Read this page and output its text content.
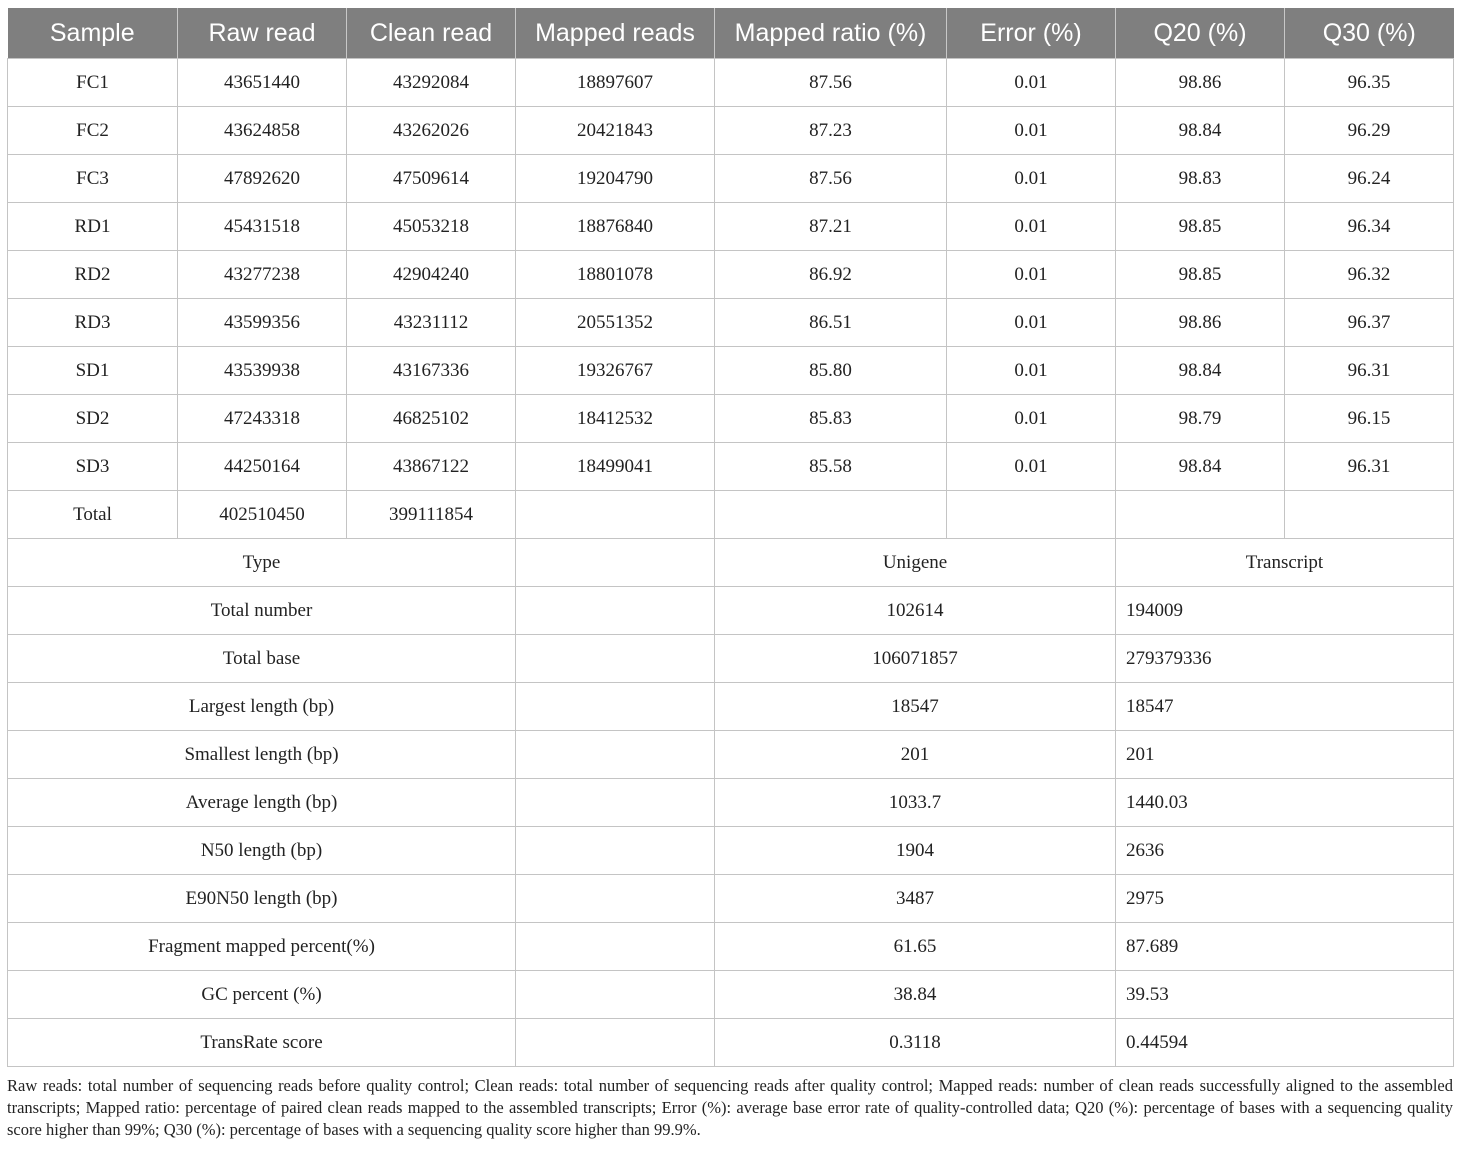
Sample	Raw read	Clean read	Mapped reads	Mapped ratio (%)	Error (%)	Q20 (%)	Q30 (%)
FC1	43651440	43292084	18897607	87.56	0.01	98.86	96.35
FC2	43624858	43262026	20421843	87.23	0.01	98.84	96.29
FC3	47892620	47509614	19204790	87.56	0.01	98.83	96.24
RD1	45431518	45053218	18876840	87.21	0.01	98.85	96.34
RD2	43277238	42904240	18801078	86.92	0.01	98.85	96.32
RD3	43599356	43231112	20551352	86.51	0.01	98.86	96.37
SD1	43539938	43167336	19326767	85.80	0.01	98.84	96.31
SD2	47243318	46825102	18412532	85.83	0.01	98.79	96.15
SD3	44250164	43867122	18499041	85.58	0.01	98.84	96.31
Total	402510450	399111854					
Type				Unigene		Transcript	
Total number				102614		194009	
Total base				106071857		279379336	
Largest length (bp)				18547		18547	
Smallest length (bp)				201		201	
Average length (bp)				1033.7		1440.03	
N50 length (bp)				1904		2636	
E90N50 length (bp)				3487		2975	
Fragment mapped percent(%)				61.65		87.689	
GC percent (%)				38.84		39.53	
TransRate score				0.3118		0.44594	
Raw reads: total number of sequencing reads before quality control; Clean reads: total number of sequencing reads after quality control; Mapped reads: number of clean reads successfully aligned to the assembled transcripts; Mapped ratio: percentage of paired clean reads mapped to the assembled transcripts; Error (%): average base error rate of quality-controlled data; Q20 (%): percentage of bases with a sequencing quality score higher than 99%; Q30 (%): percentage of bases with a sequencing quality score higher than 99.9%.
